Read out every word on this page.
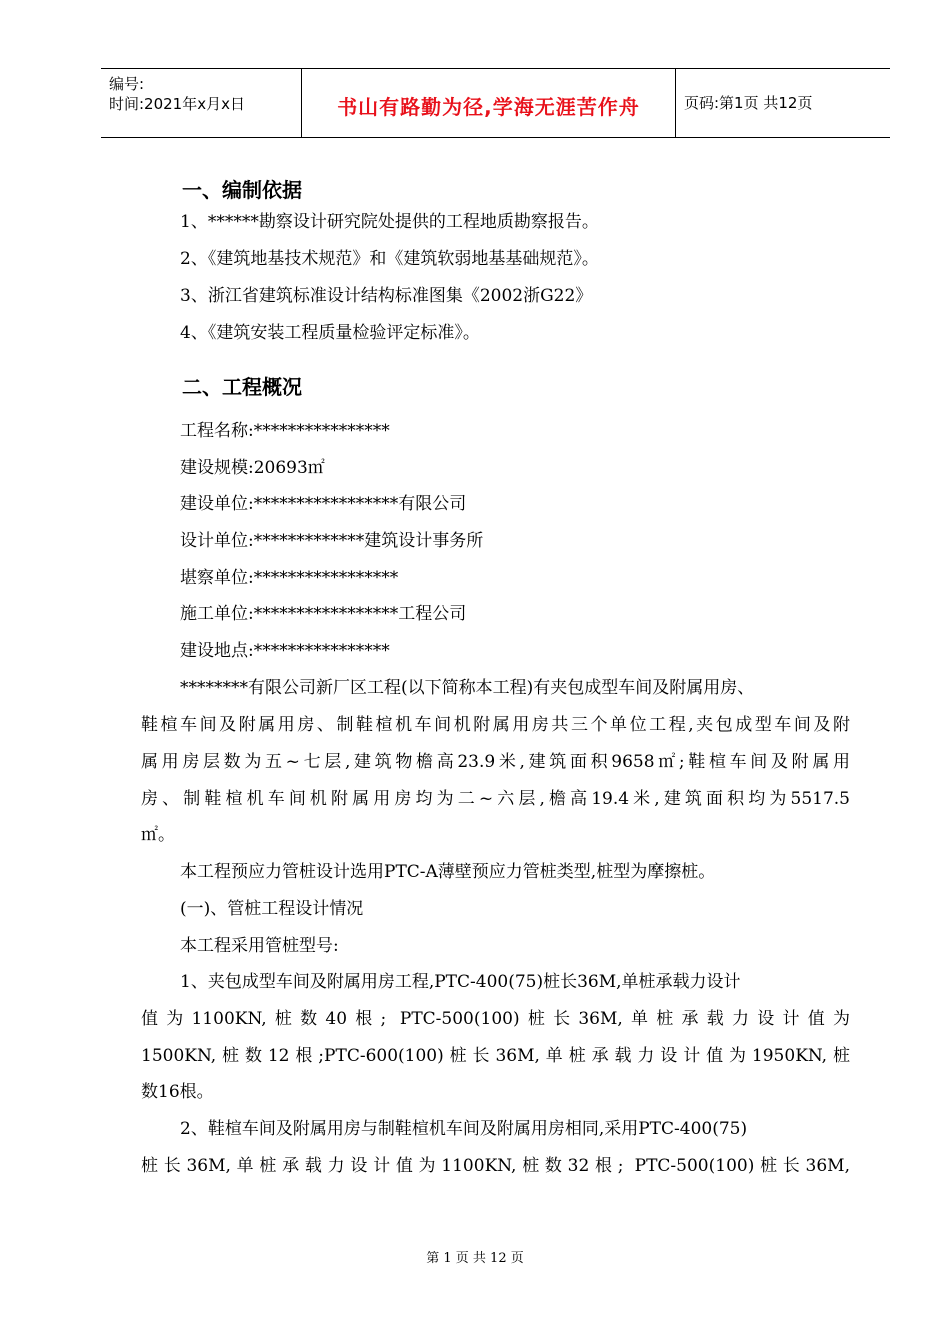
编号:
时间:2021年x月x日	书山有路勤为径,学海无涯苦作舟	页码:第1页 共12页
一、编制依据
1、******勘察设计研究院处提供的工程地质勘察报告。
2、《建筑地基技术规范》和《建筑软弱地基基础规范》。
3、浙江省建筑标准设计结构标准图集《2002浙G22》
4、《建筑安装工程质量检验评定标准》。
二、工程概况
工程名称:****************
建设规模:20693㎡
建设单位:*****************有限公司
设计单位:*************建筑设计事务所
堪察单位:*****************
施工单位:*****************工程公司
建设地点:****************
********有限公司新厂区工程(以下简称本工程)有夹包成型车间及附属用房、
鞋楦车间及附属用房、制鞋楦机车间机附属用房共三个单位工程,夹包成型车间及附
属用房层数为五~七层,建筑物檐高23.9米,建筑面积9658㎡;鞋楦车间及附属用
房、制鞋楦机车间机附属用房均为二~六层,檐高19.4米,建筑面积均为5517.5
㎡。
本工程预应力管桩设计选用PTC-A薄壁预应力管桩类型,桩型为摩擦桩。
(一)、管桩工程设计情况
本工程采用管桩型号:
1、夹包成型车间及附属用房工程,PTC-400(75)桩长36M,单桩承载力设计
值为1100KN,桩数40根; PTC-500(100)桩长36M,单桩承载力设计值为
1500KN,桩数12根;PTC-600(100)桩长36M,单桩承载力设计值为1950KN,桩
数16根。
2、鞋楦车间及附属用房与制鞋楦机车间及附属用房相同,采用PTC-400(75)
桩长36M,单桩承载力设计值为1100KN,桩数32根; PTC-500(100)桩长36M,
第 1 页 共 12 页
